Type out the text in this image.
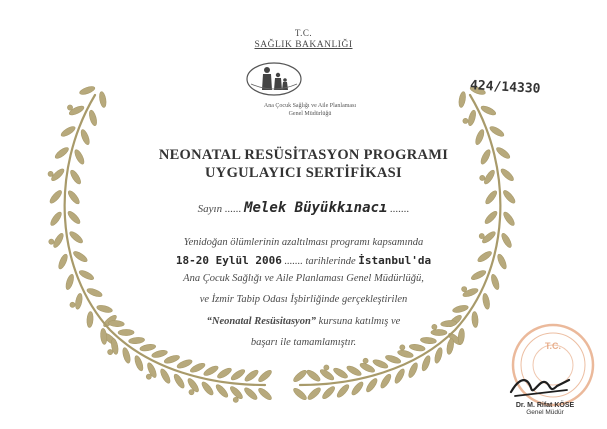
T.C.
SAĞLIK BAKANLIĞI
Ana Çocuk Sağlığı ve Aile Planlaması
Genel Müdürlüğü
424/14330
NEONATAL RESÜSİTASYON PROGRAMI
UYGULAYICI SERTİFİKASI
Sayın ...... Melek Büyükkınacı .......
Yenidoğan ölümlerinin azaltılması programı kapsamında
18-20 Eylül 2006 ....... tarihlerinde İstanbul'da
Ana Çocuk Sağlığı ve Aile Planlaması Genel Müdürlüğü,
ve İzmir Tabip Odası İşbirliğinde gerçekleştirilen
“Neonatal Resüsitasyon” kursuna katılmış ve
başarı ile tamamlamıştır.	T.C.
Dr. M. Rifat KÖSE
Genel Müdür
